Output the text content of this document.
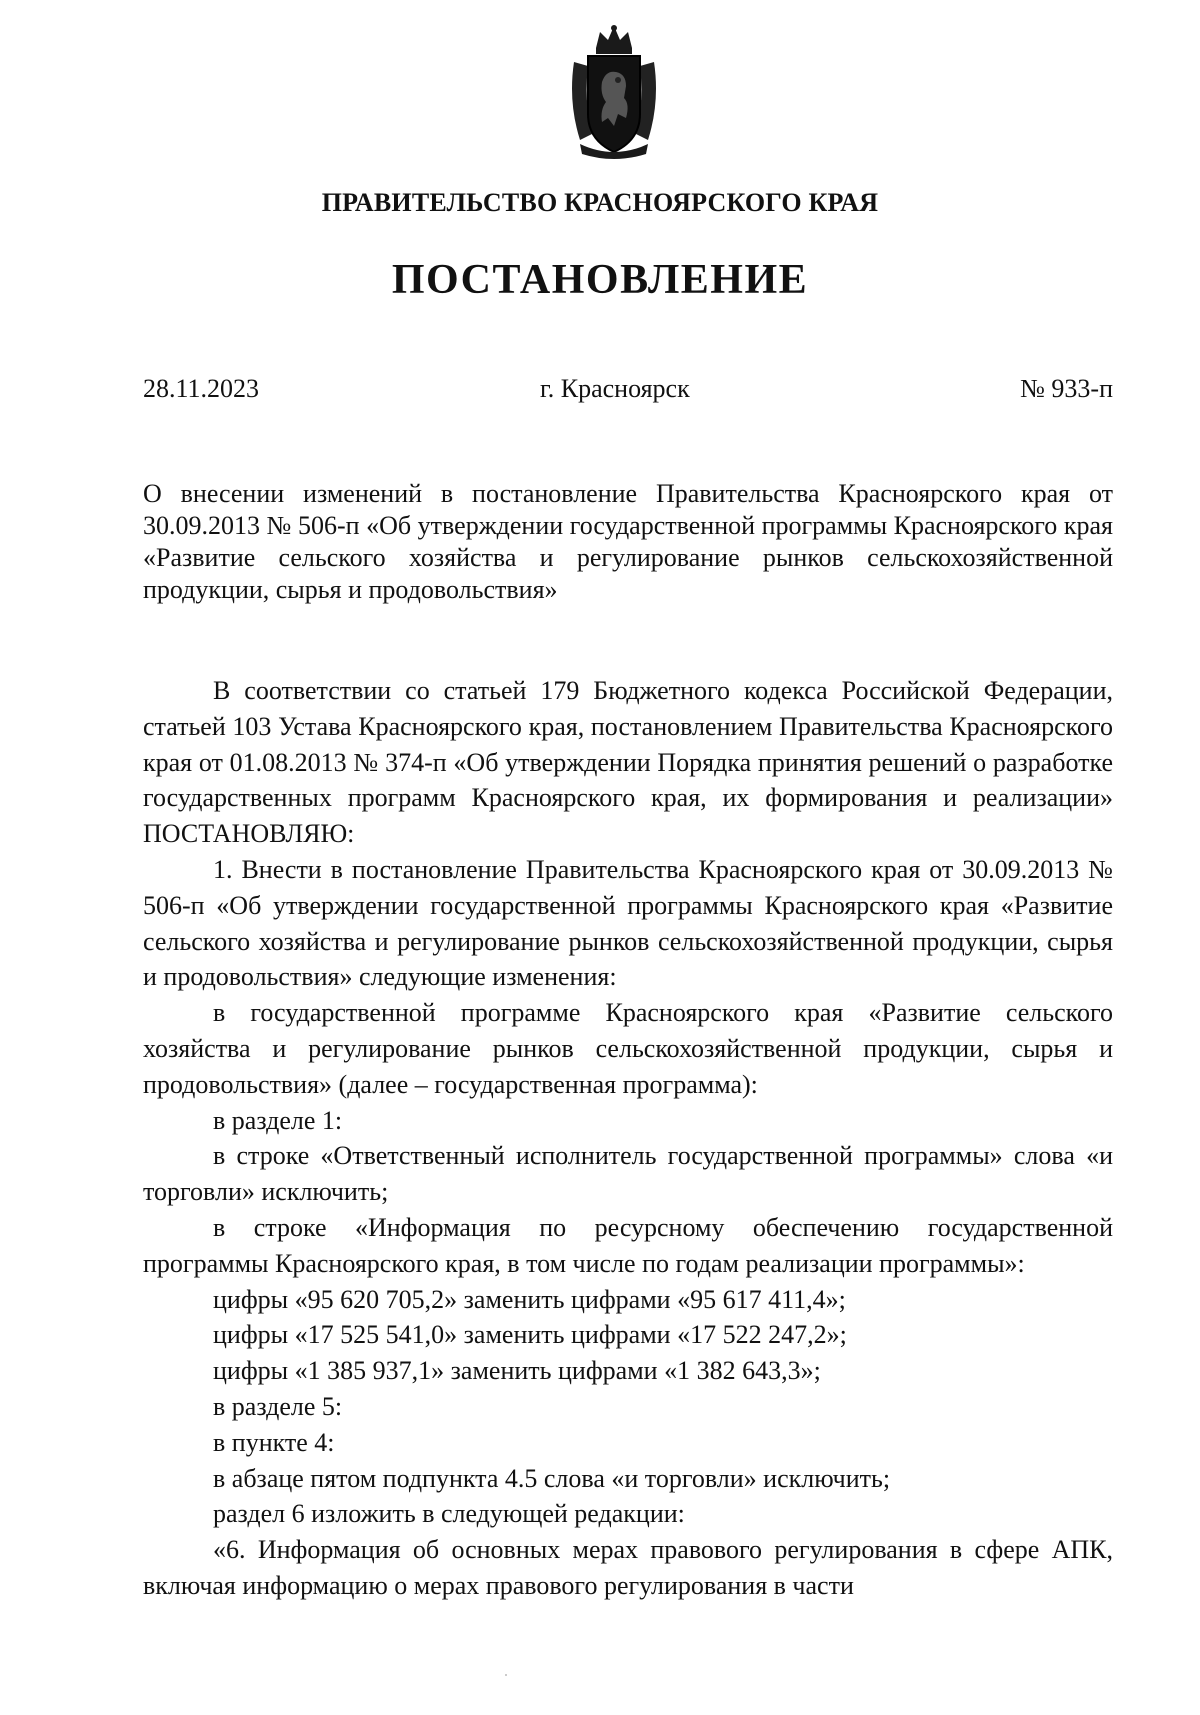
ПРАВИТЕЛЬСТВО КРАСНОЯРСКОГО КРАЯ
ПОСТАНОВЛЕНИЕ
28.11.2023	г. Красноярск	№ 933-п
О внесении изменений в постановление Правительства Красноярского края от 30.09.2013 № 506-п «Об утверждении государственной программы Красноярского края «Развитие сельского хозяйства и регулирование рынков сельскохозяйственной продукции, сырья и продовольствия»

В соответствии со статьей 179 Бюджетного кодекса Российской Федерации, статьей 103 Устава Красноярского края, постановлением Правительства Красноярского края от 01.08.2013 № 374-п «Об утверждении Порядка принятия решений о разработке государственных программ Красноярского края, их формирования и реализации»

ПОСТАНОВЛЯЮ:

1. Внести в постановление Правительства Красноярского края от 30.09.2013 № 506-п «Об утверждении государственной программы Красноярского края «Развитие сельского хозяйства и регулирование рынков сельскохозяйственной продукции, сырья и продовольствия» следующие изменения:

в государственной программе Красноярского края «Развитие сельского хозяйства и регулирование рынков сельскохозяйственной продукции, сырья и продовольствия» (далее – государственная программа):

в разделе 1:

в строке «Ответственный исполнитель государственной программы» слова «и торговли» исключить;

в строке «Информация по ресурсному обеспечению государственной программы Красноярского края, в том числе по годам реализации программы»:

цифры «95 620 705,2» заменить цифрами «95 617 411,4»;

цифры «17 525 541,0» заменить цифрами «17 522 247,2»;

цифры «1 385 937,1» заменить цифрами «1 382 643,3»;

в разделе 5:

в пункте 4:

в абзаце пятом подпункта 4.5 слова «и торговли» исключить;

раздел 6 изложить в следующей редакции:

«6. Информация об основных мерах правового регулирования в сфере АПК, включая информацию о мерах правового регулирования в части
